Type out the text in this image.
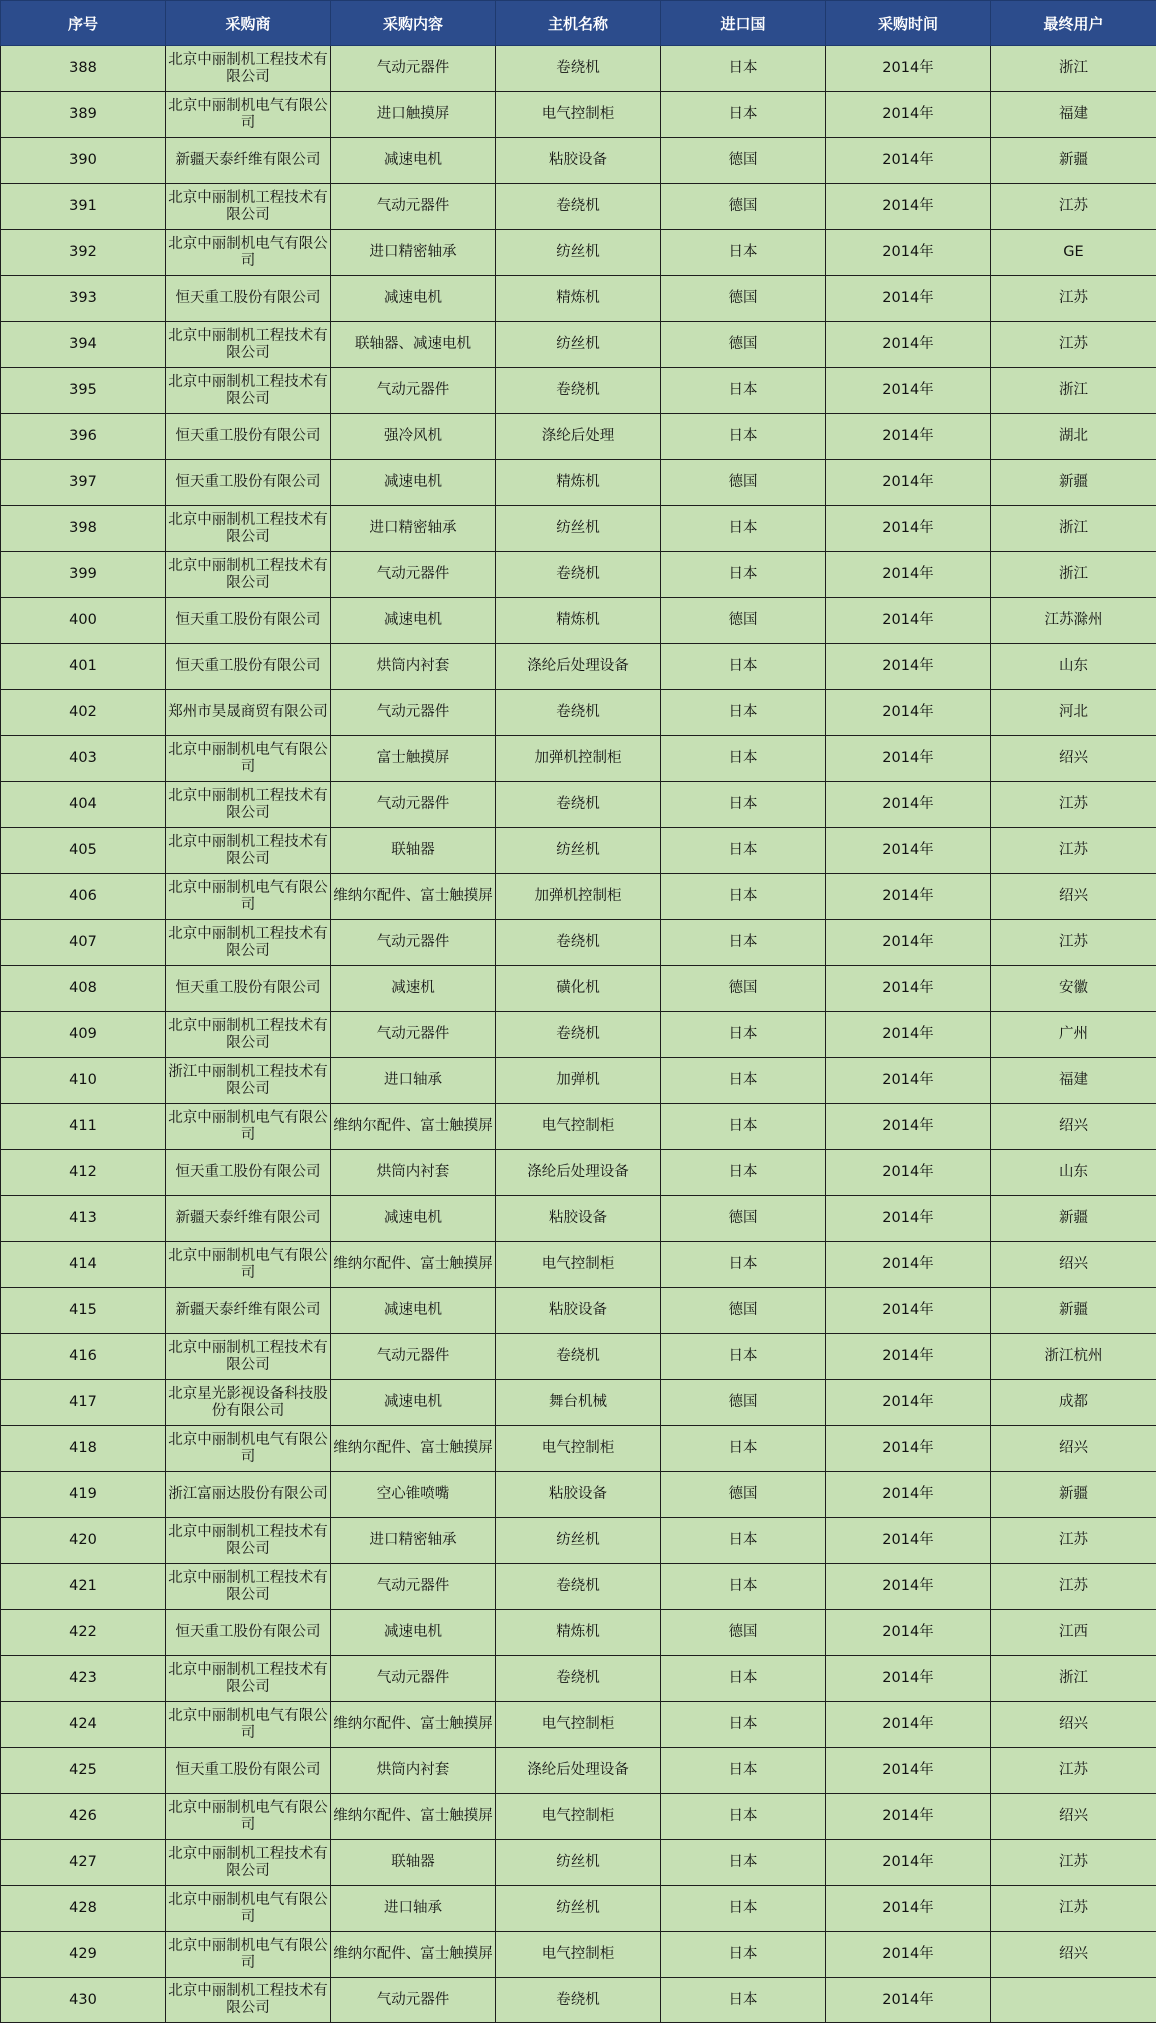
序号	采购商	采购内容	主机名称	进口国	采购时间	最终用户
388	北京中丽制机工程技术有限公司	气动元器件	卷绕机	日本	2014年	浙江
389	北京中丽制机电气有限公司	进口触摸屏	电气控制柜	日本	2014年	福建
390	新疆天泰纤维有限公司	减速电机	粘胶设备	德国	2014年	新疆
391	北京中丽制机工程技术有限公司	气动元器件	卷绕机	德国	2014年	江苏
392	北京中丽制机电气有限公司	进口精密轴承	纺丝机	日本	2014年	GE
393	恒天重工股份有限公司	减速电机	精炼机	德国	2014年	江苏
394	北京中丽制机工程技术有限公司	联轴器、减速电机	纺丝机	德国	2014年	江苏
395	北京中丽制机工程技术有限公司	气动元器件	卷绕机	日本	2014年	浙江
396	恒天重工股份有限公司	强冷风机	涤纶后处理	日本	2014年	湖北
397	恒天重工股份有限公司	减速电机	精炼机	德国	2014年	新疆
398	北京中丽制机工程技术有限公司	进口精密轴承	纺丝机	日本	2014年	浙江
399	北京中丽制机工程技术有限公司	气动元器件	卷绕机	日本	2014年	浙江
400	恒天重工股份有限公司	减速电机	精炼机	德国	2014年	江苏滁州
401	恒天重工股份有限公司	烘筒内衬套	涤纶后处理设备	日本	2014年	山东
402	郑州市昊晟商贸有限公司	气动元器件	卷绕机	日本	2014年	河北
403	北京中丽制机电气有限公司	富士触摸屏	加弹机控制柜	日本	2014年	绍兴
404	北京中丽制机工程技术有限公司	气动元器件	卷绕机	日本	2014年	江苏
405	北京中丽制机工程技术有限公司	联轴器	纺丝机	日本	2014年	江苏
406	北京中丽制机电气有限公司	维纳尔配件、富士触摸屏	加弹机控制柜	日本	2014年	绍兴
407	北京中丽制机工程技术有限公司	气动元器件	卷绕机	日本	2014年	江苏
408	恒天重工股份有限公司	减速机	磺化机	德国	2014年	安徽
409	北京中丽制机工程技术有限公司	气动元器件	卷绕机	日本	2014年	广州
410	浙江中丽制机工程技术有限公司	进口轴承	加弹机	日本	2014年	福建
411	北京中丽制机电气有限公司	维纳尔配件、富士触摸屏	电气控制柜	日本	2014年	绍兴
412	恒天重工股份有限公司	烘筒内衬套	涤纶后处理设备	日本	2014年	山东
413	新疆天泰纤维有限公司	减速电机	粘胶设备	德国	2014年	新疆
414	北京中丽制机电气有限公司	维纳尔配件、富士触摸屏	电气控制柜	日本	2014年	绍兴
415	新疆天泰纤维有限公司	减速电机	粘胶设备	德国	2014年	新疆
416	北京中丽制机工程技术有限公司	气动元器件	卷绕机	日本	2014年	浙江杭州
417	北京星光影视设备科技股份有限公司	减速电机	舞台机械	德国	2014年	成都
418	北京中丽制机电气有限公司	维纳尔配件、富士触摸屏	电气控制柜	日本	2014年	绍兴
419	浙江富丽达股份有限公司	空心锥喷嘴	粘胶设备	德国	2014年	新疆
420	北京中丽制机工程技术有限公司	进口精密轴承	纺丝机	日本	2014年	江苏
421	北京中丽制机工程技术有限公司	气动元器件	卷绕机	日本	2014年	江苏
422	恒天重工股份有限公司	减速电机	精炼机	德国	2014年	江西
423	北京中丽制机工程技术有限公司	气动元器件	卷绕机	日本	2014年	浙江
424	北京中丽制机电气有限公司	维纳尔配件、富士触摸屏	电气控制柜	日本	2014年	绍兴
425	恒天重工股份有限公司	烘筒内衬套	涤纶后处理设备	日本	2014年	江苏
426	北京中丽制机电气有限公司	维纳尔配件、富士触摸屏	电气控制柜	日本	2014年	绍兴
427	北京中丽制机工程技术有限公司	联轴器	纺丝机	日本	2014年	江苏
428	北京中丽制机电气有限公司	进口轴承	纺丝机	日本	2014年	江苏
429	北京中丽制机电气有限公司	维纳尔配件、富士触摸屏	电气控制柜	日本	2014年	绍兴
430	北京中丽制机工程技术有限公司	气动元器件	卷绕机	日本	2014年	
